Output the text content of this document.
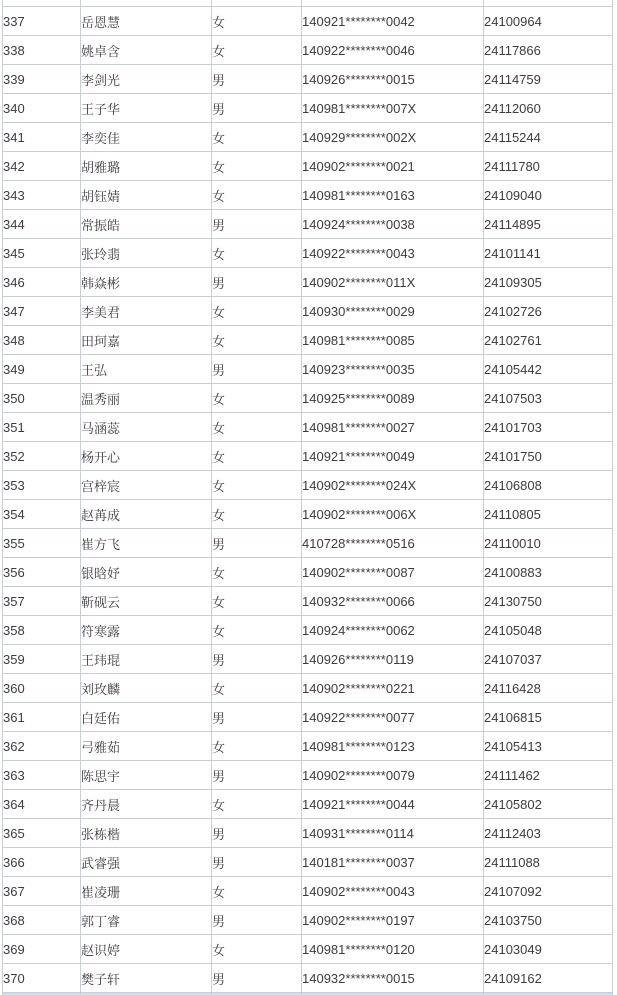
337	岳恩慧	女	140921********0042	24100964
338	姚卓含	女	140922********0046	24117866
339	李剑光	男	140926********0015	24114759
340	王子华	男	140981********007X	24112060
341	李奕佳	女	140929********002X	24115244
342	胡雅璐	女	140902********0021	24111780
343	胡钰婧	女	140981********0163	24109040
344	常振皓	男	140924********0038	24114895
345	张玲翡	女	140922********0043	24101141
346	韩焱彬	男	140902********011X	24109305
347	李美君	女	140930********0029	24102726
348	田珂嘉	女	140981********0085	24102761
349	王弘	男	140923********0035	24105442
350	温秀丽	女	140925********0089	24107503
351	马涵蕊	女	140981********0027	24101703
352	杨开心	女	140921********0049	24101750
353	宫梓宸	女	140902********024X	24106808
354	赵苒成	女	140902********006X	24110805
355	崔方飞	男	410728********0516	24110010
356	银晗妤	女	140902********0087	24100883
357	靳砚云	女	140932********0066	24130750
358	符寒露	女	140924********0062	24105048
359	王玮琨	男	140926********0119	24107037
360	刘玫麟	女	140902********0221	24116428
361	白廷佑	男	140922********0077	24106815
362	弓雅茹	女	140981********0123	24105413
363	陈思宇	男	140902********0079	24111462
364	齐丹晨	女	140921********0044	24105802
365	张栋楷	男	140931********0114	24112403
366	武睿强	男	140181********0037	24111088
367	崔凌珊	女	140902********0043	24107092
368	郭丁睿	男	140902********0197	24103750
369	赵识婷	女	140981********0120	24103049
370	樊子轩	男	140932********0015	24109162
